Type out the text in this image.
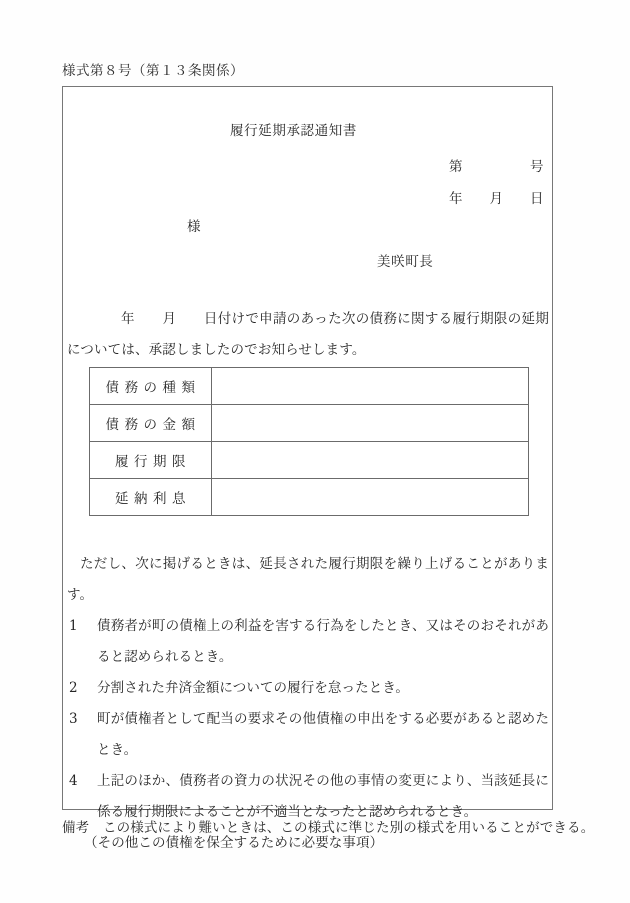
様式第８号（第１３条関係）
履行延期承認通知書
第　　　　　号
年　　月　　日
様
美咲町長
年　　月　　日付けで申請のあった次の債務に関する履行期限の延期については、承認しましたのでお知らせします。
債務の種類	
債務の金額	
履行期限	
延納利息	
ただし、次に掲げるときは、延長された履行期限を繰り上げることがあります。
1	債務者が町の債権上の利益を害する行為をしたとき、又はそのおそれがあると認められるとき。
2	分割された弁済金額についての履行を怠ったとき。
3	町が債権者として配当の要求その他債権の申出をする必要があると認めたとき。
4	上記のほか、債務者の資力の状況その他の事情の変更により、当該延長に係る履行期限によることが不適当となったと認められるとき。
（その他この債権を保全するために必要な事項）
備考　この様式により難いときは、この様式に準じた別の様式を用いることができる。
